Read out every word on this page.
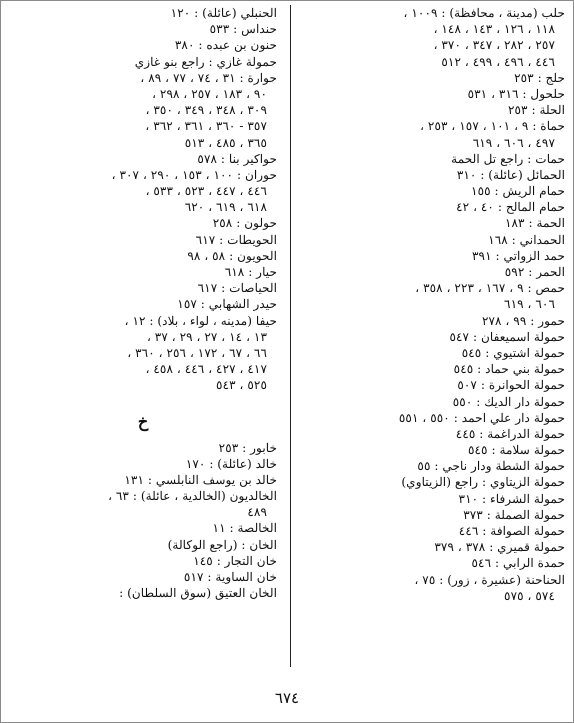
حلب (مدينة ، محافظة) : ١٠٠٩ ،
١١٨ ، ١٢٦ ، ١٤٣ ، ١٤٨ ،
٢٥٧ ، ٢٨٢ ، ٣٤٧ ، ٣٧٠ ،
٤٤٦ ، ٤٩٦ ، ٤٩٩ ، ٥١٢
حلج : ٢٥٣
حلحول : ٣١٦ ، ٥٣١
الحلة : ٢٥٣
حماة : ٩ ، ١٠١ ، ١٥٧ ، ٢٥٣ ،
٤٩٧ ، ٦٠٦ ، ٦١٩
حمات : راجع تل الحمة
الحمائل (عائلة) : ٣١٠
حمام الريش : ١٥٥
حمام المالح : ٤٠ ، ٤٢
الحمة : ١٨٣
الحمداني : ١٦٨
حمد الزواتي : ٣٩١
الحمر : ٥٩٢
حمص : ٩ ، ١٦٧ ، ٢٢٣ ، ٣٥٨ ،
٦٠٦ ، ٦١٩
حمور : ٩٩ ، ٢٧٨
حمولة اسميعفان : ٥٤٧
حمولة اشتيوي : ٥٤٥
حمولة بني حماد : ٥٤٥
حمولة الحوانرة : ٥٠٧
حمولة دار الديك : ٥٥٠
حمولة دار علي احمد : ٥٥٠ ، ٥٥١
حمولة الدراغمة : ٤٤٥
حمولة سلامة : ٥٤٥
حمولة الشطة ودار ناجي : ٥٥
حمولة الزيتاوي : راجع (الزيتاوي)
حمولة الشرفاء : ٣١٠
حمولة الصملة : ٣٧٣
حمولة الصوافة : ٤٤٦
حمولة قميري : ٣٧٨ ، ٣٧٩
حمدة الرابي : ٥٤٦
الحناحنة (عشيرة ، زور) : ٧٥ ،
٥٧٤ ، ٥٧٥
الحنبلي (عائلة) : ١٢٠
حنداس : ٥٣٣
حنون بن عبده : ٣٨٠
حمولة غازي : راجع بنو غازي
حوارة : ٣١ ، ٧٤ ، ٧٧ ، ٨٩ ،
٩٠ ، ١٨٣ ، ٢٥٧ ، ٢٩٨ ،
٣٠٩ ، ٣٤٨ ، ٣٤٩ ، ٣٥٠ ،
٣٥٧ - ٣٦٠ ، ٣٦١ ، ٣٦٢ ،
٣٦٥ ، ٤٨٥ ، ٥١٣
حواكير بنا : ٥٧٨
حوران : ١٠٠ ، ١٥٣ ، ٢٩٠ ، ٣٠٧ ،
٤٤٦ ، ٤٤٧ ، ٥٢٣ ، ٥٣٣ ،
٦١٨ ، ٦١٩ ، ٦٢٠
حولون : ٢٥٨
الحويطات : ٦١٧
الحويون : ٥٨ ، ٩٨
حيار : ٦١٨
الحياصات : ٦١٧
حيدر الشهابي : ١٥٧
حيفا (مدينه ، لواء ، بلاد) : ١٢ ،
١٣ ، ١٤ ، ٢٧ ، ٢٩ ، ٣٧ ،
٦٦ ، ٦٧ ، ١٧٢ ، ٢٥٦ ، ٣٦٠ ،
٤١٧ ، ٤٢٧ ، ٤٤٦ ، ٤٥٨ ،
٥٢٥ ، ٥٤٣
خ
خابور : ٢٥٣
خالد (عائلة) : ١٧٠
خالد بن يوسف النابلسي : ١٣١
الخالديون (الخالدية ، عائلة) : ٦٣ ،
٤٨٩
الخالصة : ١١
الخان : (راجع الوكالة)
خان التجار : ١٤٥
خان الساوية : ٥١٧
الخان العتيق (سوق السلطان) :
٦٧٤
